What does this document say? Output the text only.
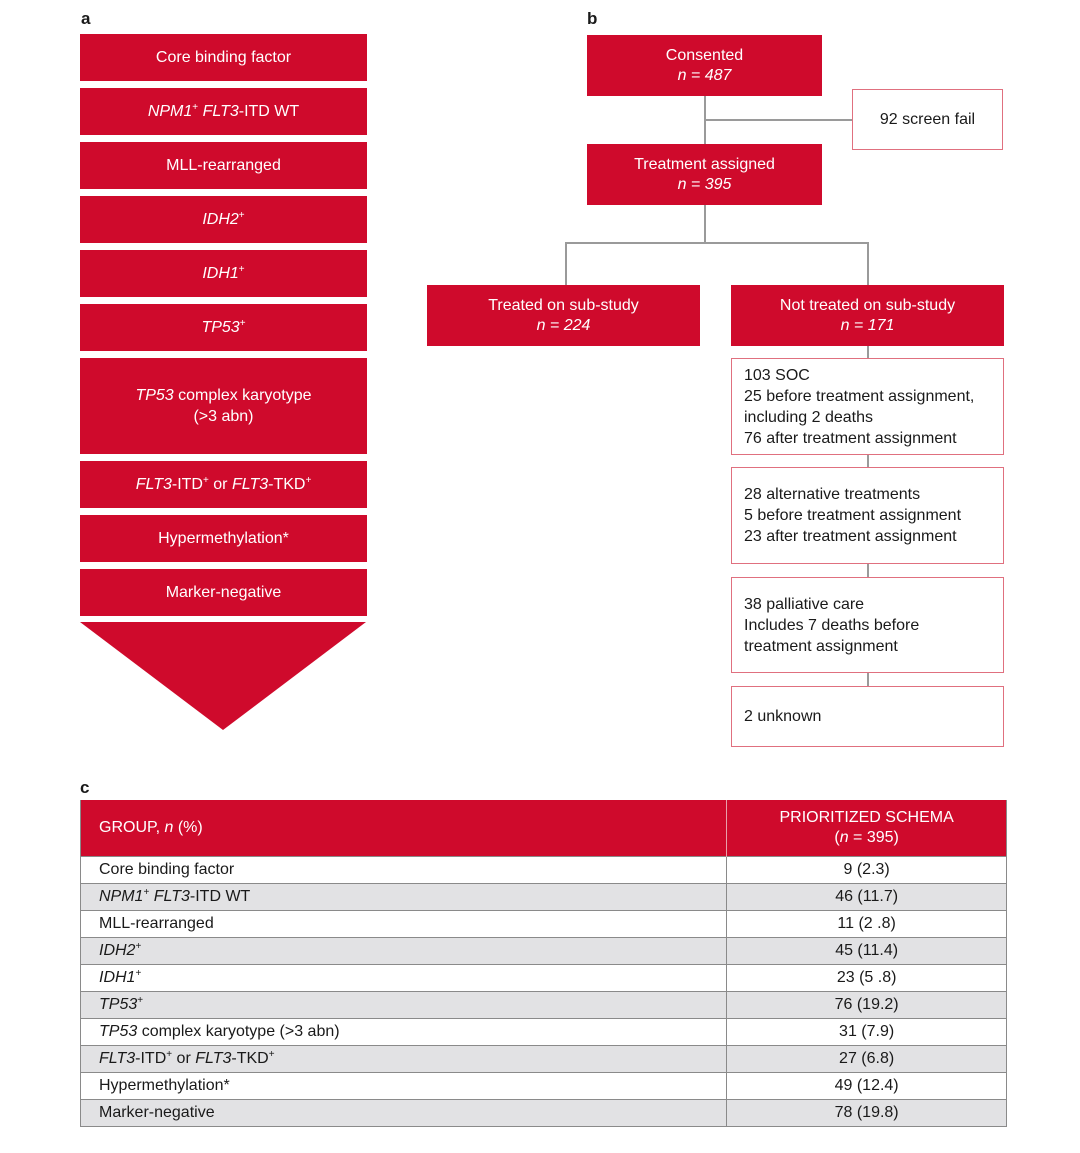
a	b
c
Core binding factor
NPM1+ FLT3-ITD WT
MLL-rearranged
IDH2+
IDH1+
TP53+
TP53 complex karyotype
(>3 abn)
FLT3-ITD+ or FLT3-TKD+
Hypermethylation*
Marker-negative
Consented
n = 487
92 screen fail
Treatment assigned
n = 395
Treated on sub-study
n = 224
Not treated on sub-study
n = 171
103 SOC
25 before treatment assignment,
including 2 deaths
76 after treatment assignment
28 alternative treatments
5 before treatment assignment
23 after treatment assignment
38 palliative care
Includes 7 deaths before
treatment assignment
2 unknown
GROUP, n (%)	PRIORITIZED SCHEMA
(n = 395)

Core binding factor	9 (2.3)
NPM1+ FLT3-ITD WT	46 (11.7)
MLL-rearranged	11 (2 .8)
IDH2+	45 (11.4)
IDH1+	23 (5 .8)
TP53+	76 (19.2)
TP53 complex karyotype (>3 abn)	31 (7.9)
FLT3-ITD+ or FLT3-TKD+	27 (6.8)
Hypermethylation*	49 (12.4)
Marker-negative	78 (19.8)
